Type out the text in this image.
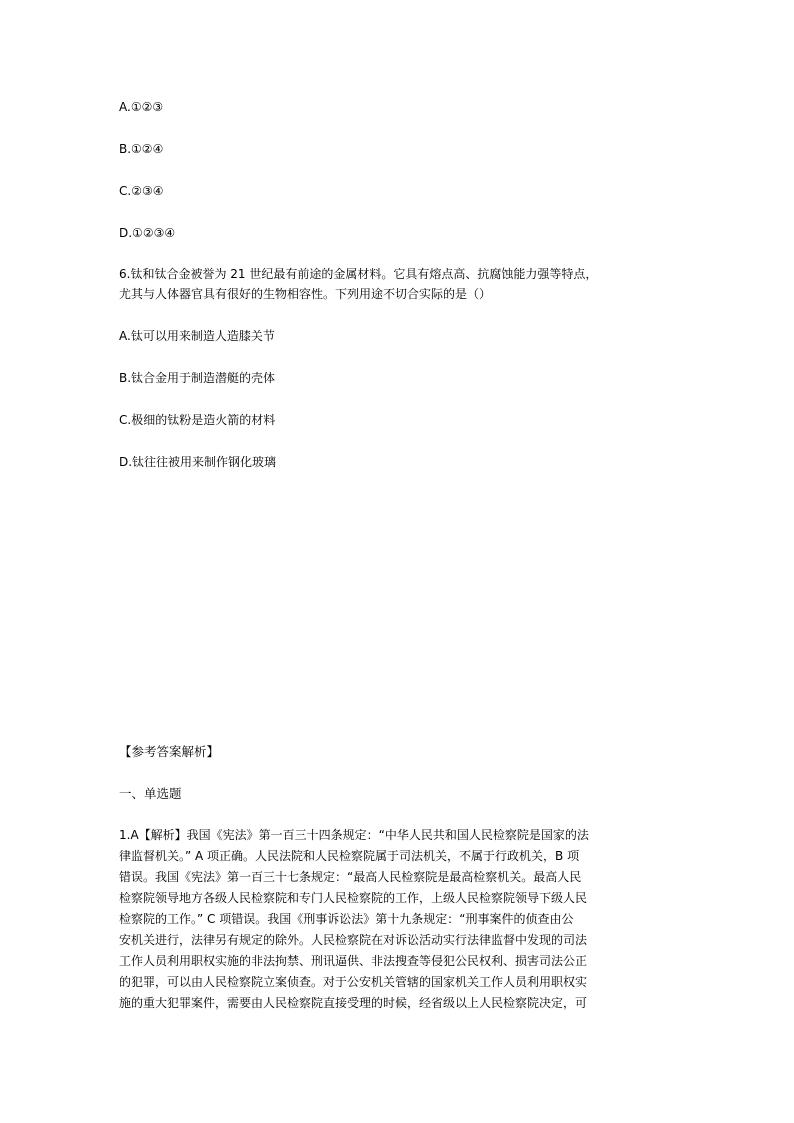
A.①②③
B.①②④
C.②③④
D.①②③④
6.钛和钛合金被誉为 21 世纪最有前途的金属材料。它具有熔点高、抗腐蚀能力强等特点，
尤其与人体器官具有很好的生物相容性。下列用途不切合实际的是（）
A.钛可以用来制造人造膝关节
B.钛合金用于制造潜艇的壳体
C.极细的钛粉是造火箭的材料
D.钛往往被用来制作钢化玻璃
【参考答案解析】
一、单选题
1.A【解析】我国《宪法》第一百三十四条规定：“中华人民共和国人民检察院是国家的法
律监督机关。” A 项正确。人民法院和人民检察院属于司法机关，不属于行政机关，B 项
错误。我国《宪法》第一百三十七条规定：“最高人民检察院是最高检察机关。最高人民
检察院领导地方各级人民检察院和专门人民检察院的工作，上级人民检察院领导下级人民
检察院的工作。” C 项错误。我国《刑事诉讼法》第十九条规定：“刑事案件的侦查由公
安机关进行，法律另有规定的除外。人民检察院在对诉讼活动实行法律监督中发现的司法
工作人员利用职权实施的非法拘禁、刑讯逼供、非法搜查等侵犯公民权利、损害司法公正
的犯罪，可以由人民检察院立案侦查。对于公安机关管辖的国家机关工作人员利用职权实
施的重大犯罪案件，需要由人民检察院直接受理的时候，经省级以上人民检察院决定，可
